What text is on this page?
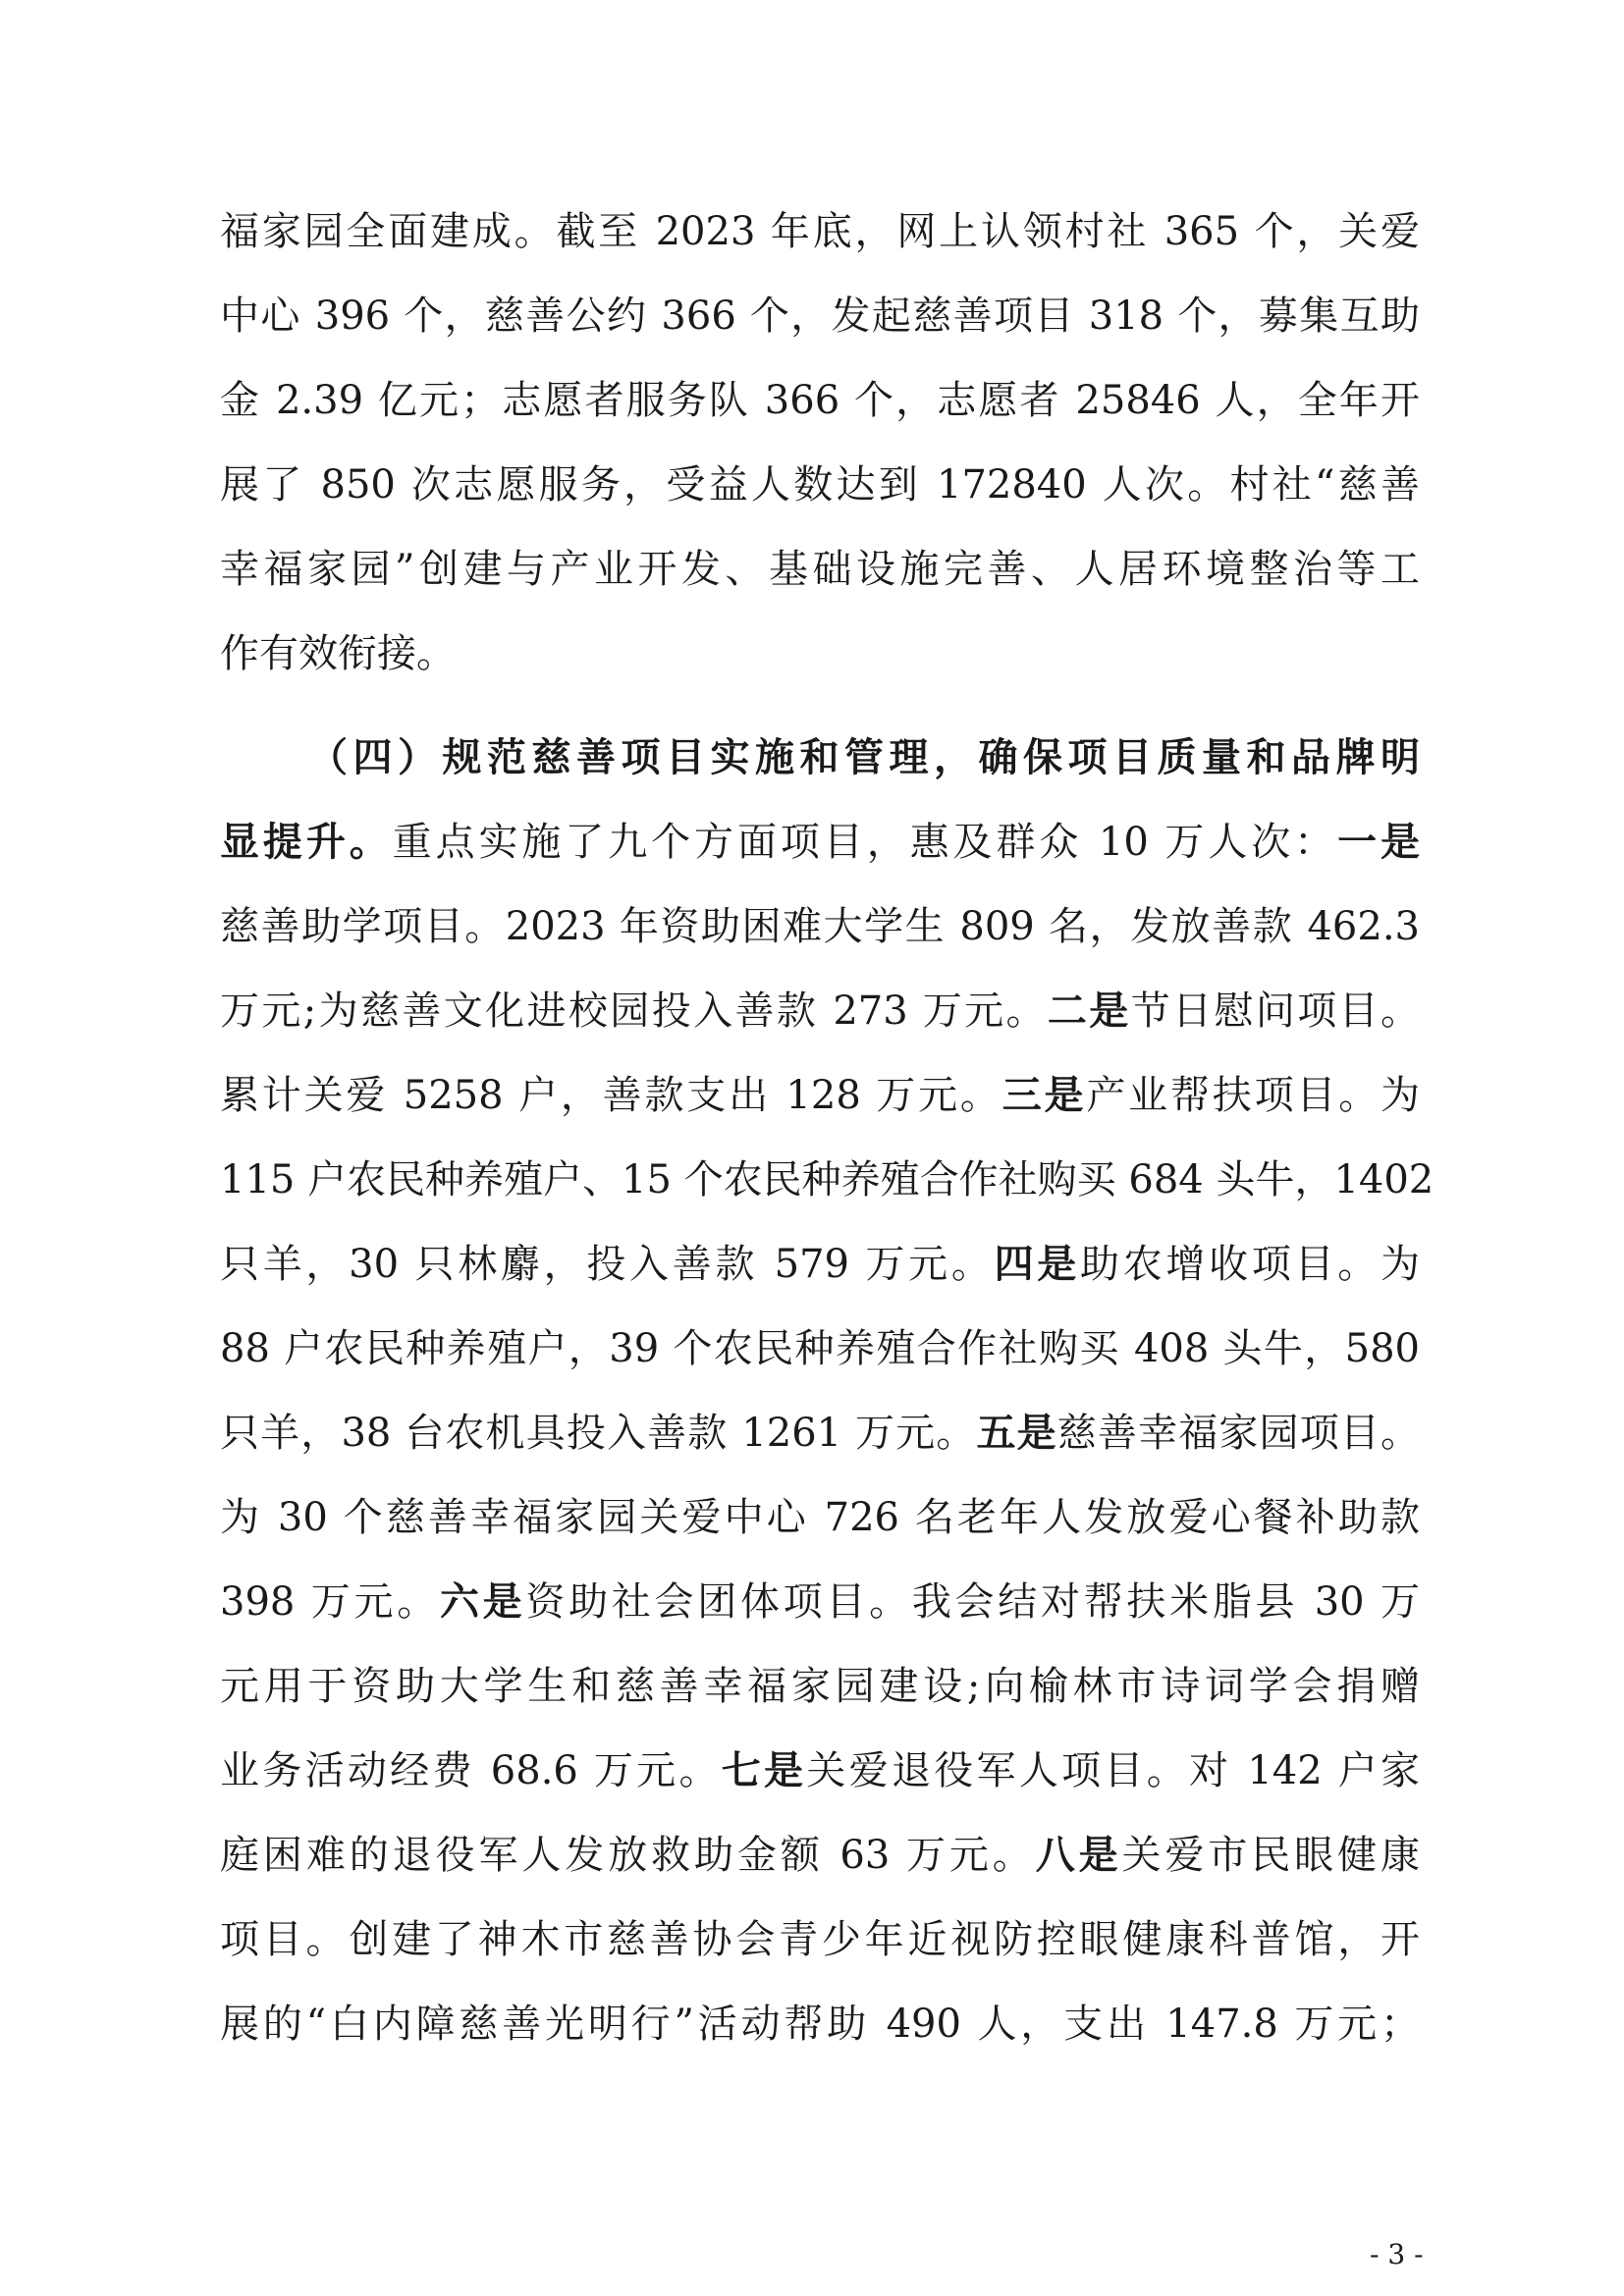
福家园全面建成。截至 2023 年底，网上认领村社 365 个，关爱
中心 396 个，慈善公约 366 个，发起慈善项目 318 个，募集互助
金 2.39 亿元；志愿者服务队 366 个，志愿者 25846 人，全年开
展了 850 次志愿服务，受益人数达到 172840 人次。村社“慈善
幸福家园”创建与产业开发、基础设施完善、人居环境整治等工
作有效衔接。
（四）规范慈善项目实施和管理，确保项目质量和品牌明
显提升。重点实施了九个方面项目，惠及群众 10 万人次：一是
慈善助学项目。2023 年资助困难大学生 809 名，发放善款 462.3
万元;为慈善文化进校园投入善款 273 万元。二是节日慰问项目。
累计关爱 5258 户，善款支出 128 万元。三是产业帮扶项目。为
115 户农民种养殖户、15 个农民种养殖合作社购买 684 头牛，1402
只羊，30 只林麝，投入善款 579 万元。四是助农增收项目。为
88 户农民种养殖户，39 个农民种养殖合作社购买 408 头牛，580
只羊，38 台农机具投入善款 1261 万元。五是慈善幸福家园项目。
为 30 个慈善幸福家园关爱中心 726 名老年人发放爱心餐补助款
398 万元。六是资助社会团体项目。我会结对帮扶米脂县 30 万
元用于资助大学生和慈善幸福家园建设;向榆林市诗词学会捐赠
业务活动经费 68.6 万元。七是关爱退役军人项目。对 142 户家
庭困难的退役军人发放救助金额 63 万元。八是关爱市民眼健康
项目。创建了神木市慈善协会青少年近视防控眼健康科普馆，开
展的“白内障慈善光明行”活动帮助 490 人，支出 147.8 万元；
- 3 -
